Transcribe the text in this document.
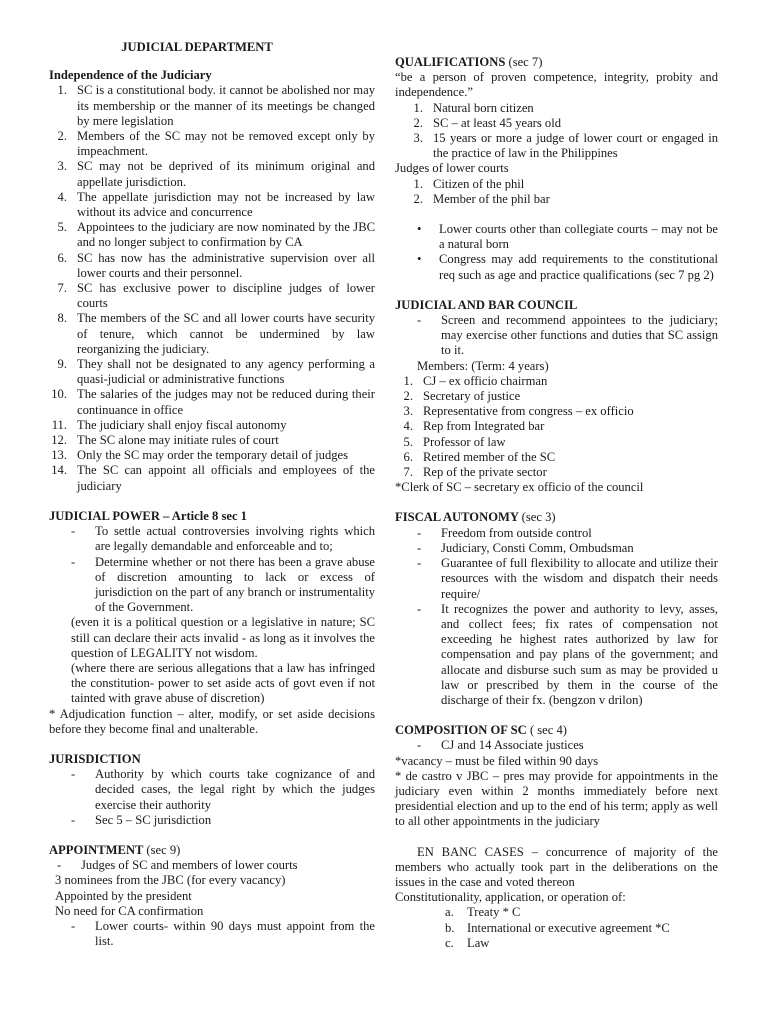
JUDICIAL DEPARTMENT
Independence of the Judiciary
1. SC is a constitutional body. it cannot be abolished nor may its membership or the manner of its meetings be changed by mere legislation
2. Members of the SC may not be removed except only by impeachment.
3. SC may not be deprived of its minimum original and appellate jurisdiction.
4. The appellate jurisdiction may not be increased by law without its advice and concurrence
5. Appointees to the judiciary are now nominated by the JBC and no longer subject to confirmation by CA
6. SC has now has the administrative supervision over all lower courts and their personnel.
7. SC has exclusive power to discipline judges of lower courts
8. The members of the SC and all lower courts have security of tenure, which cannot be undermined by law reorganizing the judiciary.
9. They shall not be designated to any agency performing a quasi-judicial or administrative functions
10. The salaries of the judges may not be reduced during their continuance in office
11. The judiciary shall enjoy fiscal autonomy
12. The SC alone may initiate rules of court
13. Only the SC may order the temporary detail of judges
14. The SC can appoint all officials and employees of the judiciary
JUDICIAL POWER – Article 8 sec 1
-	To settle actual controversies involving rights which are legally demandable and enforceable and to;
-	Determine whether or not there has been a grave abuse of discretion amounting to lack or excess of jurisdiction on the part of any branch or instrumentality of the Government.
(even it is a political question or a legislative in nature; SC still can declare their acts invalid - as long as it involves the question of LEGALITY not wisdom.
(where there are serious allegations that a law has infringed the constitution- power to set aside acts of govt even if not tainted with grave abuse of discretion)
* Adjudication function – alter, modify, or set aside decisions before they become final and unalterable.
JURISDICTION
-	Authority by which courts take cognizance of and decided cases, the legal right by which the judges exercise their authority
-	Sec 5 – SC jurisdiction
APPOINTMENT (sec 9)
-	Judges of SC and members of lower courts
3 nominees from the JBC (for every vacancy)
Appointed by the president
No need for CA confirmation
-	Lower courts- within 90 days must appoint from the list.
QUALIFICATIONS (sec 7)
“be a person of proven competence, integrity, probity and independence.”
1. Natural born citizen
2. SC – at least 45 years old
3. 15 years or more a judge of lower court or engaged in the practice of law in the Philippines
Judges of lower courts
1. Citizen of the phil
2. Member of the phil bar
•	Lower courts other than collegiate courts – may not be a natural born
•	Congress may add requirements to the constitutional req such as age and practice qualifications (sec 7 pg 2)
JUDICIAL AND BAR COUNCIL
-	Screen and recommend appointees to the judiciary; may exercise other functions and duties that SC assign to it.
Members: (Term: 4 years)
1. CJ – ex officio chairman
2. Secretary of justice
3. Representative from congress – ex officio
4. Rep from Integrated bar
5. Professor of law
6. Retired member of the SC
7. Rep of the private sector
*Clerk of SC – secretary ex officio of the council
FISCAL AUTONOMY (sec 3)
-	Freedom from outside control
-	Judiciary, Consti Comm, Ombudsman
-	Guarantee of full flexibility to allocate and utilize their resources with the wisdom and dispatch their needs require/
-	It recognizes the power and authority to levy, asses, and collect fees; fix rates of compensation not exceeding he highest rates authorized by law for compensation and pay plans of the government; and allocate and disburse such sum as may be provided u law or prescribed by them in the course of the discharge of their fx. (bengzon v drilon)
COMPOSITION OF SC ( sec 4)
-	CJ and 14 Associate justices
*vacancy – must be filed within 90 days
* de castro v JBC – pres may provide for appointments in the judiciary even within 2 months immediately before next presidential election and up to the end of his term; apply as well to all other appointments in the judiciary
EN BANC CASES – concurrence of majority of the members who actually took part in the deliberations on the issues in the case and voted thereon
Constitutionality, application, or operation of:
a.	Treaty * C
b. International or executive agreement *C
c.	Law
